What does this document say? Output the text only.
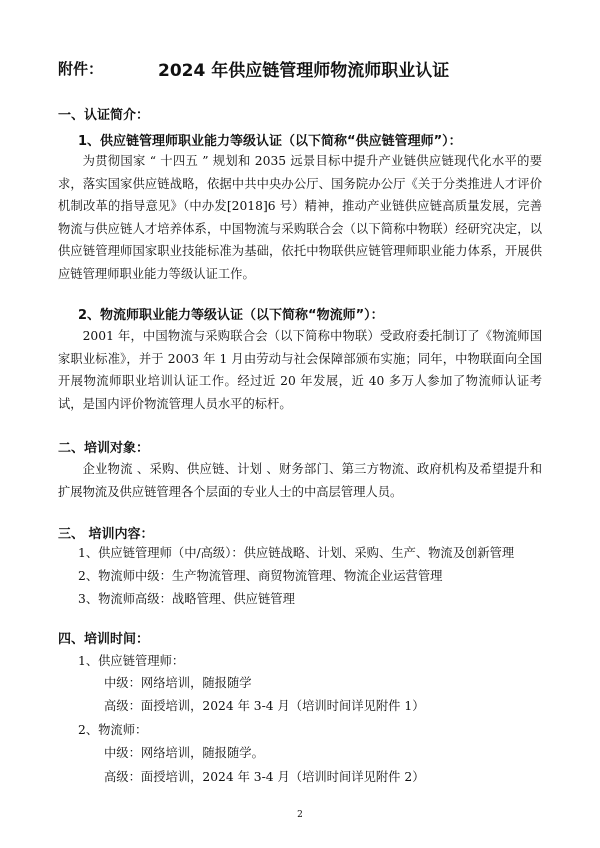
附件：	2024 年供应链管理师物流师职业认证
一、认证简介：
1、供应链管理师职业能力等级认证（以下简称“供应链管理师”）：

为贯彻国家 “ 十四五 ” 规划和 2035 远景目标中提升产业链供应链现代化水平的要求，落实国家供应链战略，依据中共中央办公厅、国务院办公厅《关于分类推进人才评价机制改革的指导意见》（中办发[2018]6 号）精神，推动产业链供应链高质量发展，完善物流与供应链人才培养体系，中国物流与采购联合会（以下简称中物联）经研究决定，以供应链管理师国家职业技能标准为基础，依托中物联供应链管理师职业能力体系，开展供应链管理师职业能力等级认证工作。

2、物流师职业能力等级认证（以下简称“物流师”）：

2001 年，中国物流与采购联合会（以下简称中物联）受政府委托制订了《物流师国家职业标准》，并于 2003 年 1 月由劳动与社会保障部颁布实施；同年，中物联面向全国开展物流师职业培训认证工作。经过近 20 年发展，近 40 多万人参加了物流师认证考试，是国内评价物流管理人员水平的标杆。

二、培训对象：

企业物流 、采购、供应链、计划 、财务部门、第三方物流、政府机构及希望提升和扩展物流及供应链管理各个层面的专业人士的中高层管理人员。

三、 培训内容：
1、供应链管理师（中/高级）：供应链战略、计划、采购、生产、物流及创新管理
2、物流师中级：生产物流管理、商贸物流管理、物流企业运营管理
3、物流师高级：战略管理、供应链管理
四、培训时间：
1、供应链管理师：
中级：网络培训，随报随学
高级：面授培训，2024 年 3-4 月（培训时间详见附件 1）
2、物流师：
中级：网络培训，随报随学。
高级：面授培训，2024 年 3-4 月（培训时间详见附件 2）
2
